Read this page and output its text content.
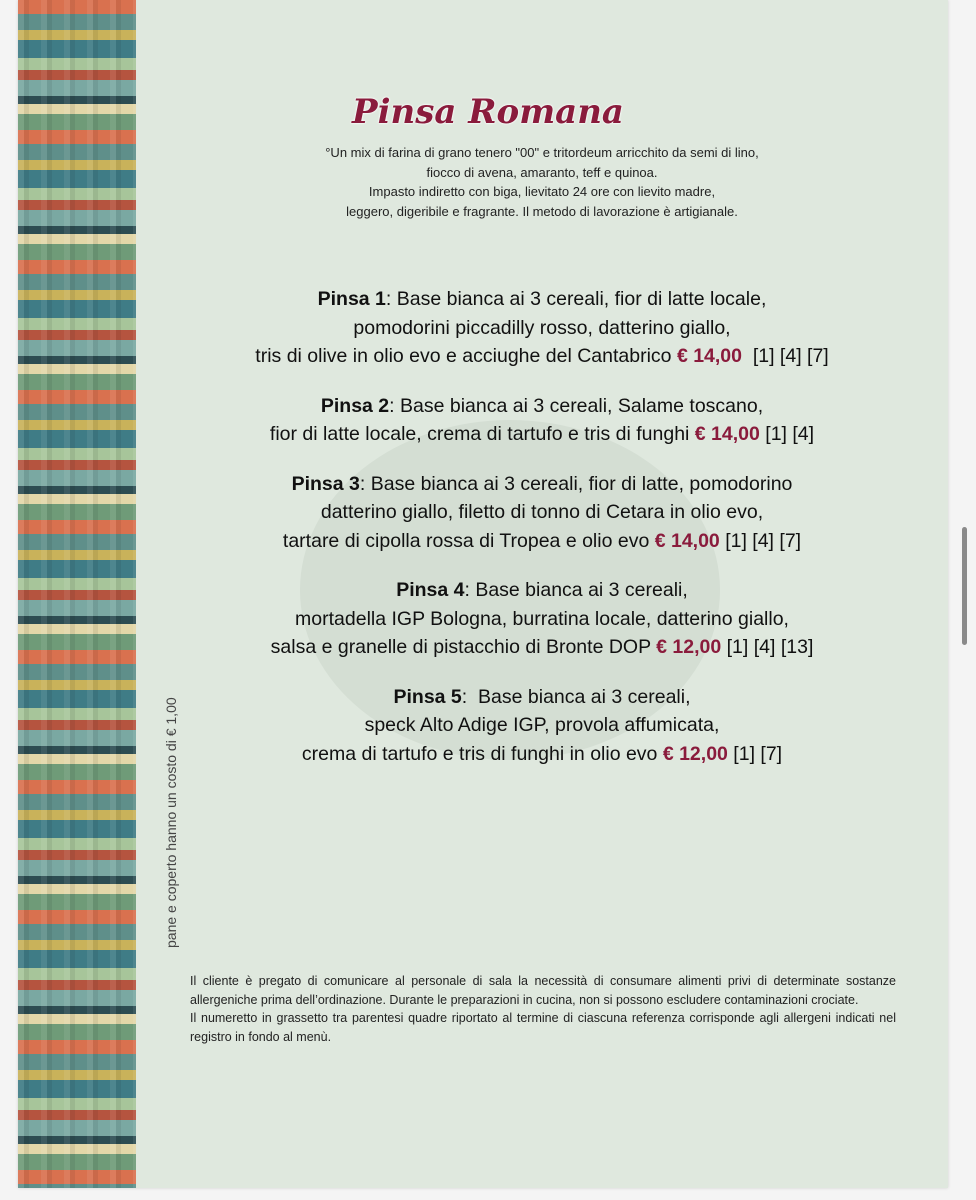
pane e coperto hanno un costo di € 1,00
Pinsa Romana
°Un mix di farina di grano tenero "00" e tritordeum arricchito da semi di lino,
fiocco di avena, amaranto, teff e quinoa.
Impasto indiretto con biga, lievitato 24 ore con lievito madre,
leggero, digeribile e fragrante. Il metodo di lavorazione è artigianale.
Pinsa 1: Base bianca ai 3 cereali, fior di latte locale,
pomodorini piccadilly rosso, datterino giallo,
tris di olive in olio evo e acciughe del Cantabrico € 14,00  [1] [4] [7]
Pinsa 2: Base bianca ai 3 cereali, Salame toscano,
fior di latte locale, crema di tartufo e tris di funghi € 14,00 [1] [4]
Pinsa 3: Base bianca ai 3 cereali, fior di latte, pomodorino
datterino giallo, filetto di tonno di Cetara in olio evo,
tartare di cipolla rossa di Tropea e olio evo € 14,00 [1] [4] [7]
Pinsa 4: Base bianca ai 3 cereali,
mortadella IGP Bologna, burratina locale, datterino giallo,
salsa e granelle di pistacchio di Bronte DOP € 12,00 [1] [4] [13]
Pinsa 5:  Base bianca ai 3 cereali,
speck Alto Adige IGP, provola affumicata,
crema di tartufo e tris di funghi in olio evo € 12,00 [1] [7]

Il cliente è pregato di comunicare al personale di sala la necessità di consumare alimenti privi di determinate sostanze allergeniche prima dell’ordinazione. Durante le preparazioni in cucina, non si possono escludere contaminazioni crociate.

Il numeretto in grassetto tra parentesi quadre riportato al termine di ciascuna referenza corrisponde agli allergeni indicati nel registro in fondo al menù.
